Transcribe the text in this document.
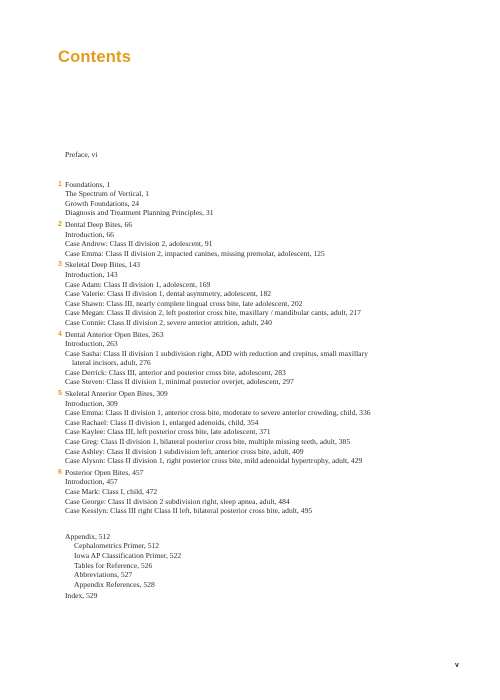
Contents
Preface, vi
1 Foundations, 1
The Spectrum of Vertical, 1
Growth Foundations, 24
Diagnosis and Treatment Planning Principles, 31
2 Dental Deep Bites, 66
Introduction, 66
Case Andrew: Class II division 2, adolescent, 91
Case Emma: Class II division 2, impacted canines, missing premolar, adolescent, 125
3 Skeletal Deep Bites, 143
Introduction, 143
Case Adam: Class II division 1, adolescent, 169
Case Valerie: Class II division 1, dental asymmetry, adolescent, 182
Case Shawn: Class III, nearly complete lingual cross bite, late adolescent, 202
Case Megan: Class II division 2, left posterior cross bite, maxillary / mandibular cants, adult, 217
Case Connie: Class II division 2, severe anterior attrition, adult, 240
4 Dental Anterior Open Bites, 263
Introduction, 263
Case Sasha: Class II division 1 subdivision right, ADD with reduction and crepitus, small maxillary lateral incisors, adult, 276
Case Derrick: Class III, anterior and posterior cross bite, adolescent, 283
Case Steven: Class II division 1, minimal posterior overjet, adolescent, 297
5 Skeletal Anterior Open Bites, 309
Introduction, 309
Case Emma: Class II division 1, anterior cross bite, moderate to severe anterior crowding, child, 336
Case Rachael: Class II division 1, enlarged adenoids, child, 354
Case Kaylee: Class III, left posterior cross bite, late adolescent, 371
Case Greg: Class II division 1, bilateral posterior cross bite, multiple missing teeth, adult, 385
Case Ashley: Class II division 1 subdivision left, anterior cross bite, adult, 409
Case Alyson: Class II division 1, right posterior cross bite, mild adenoidal hypertrophy, adult, 429
6 Posterior Open Bites, 457
Introduction, 457
Case Mark: Class I, child, 472
Case George: Class II division 2 subdivision right, sleep apnea, adult, 484
Case Kesslyn: Class III right Class II left, bilateral posterior cross bite, adult, 495
Appendix, 512
Cephalometrics Primer, 512
Iowa AP Classification Primer, 522
Tables for Reference, 526
Abbreviations, 527
Appendix References, 528
Index, 529
v
